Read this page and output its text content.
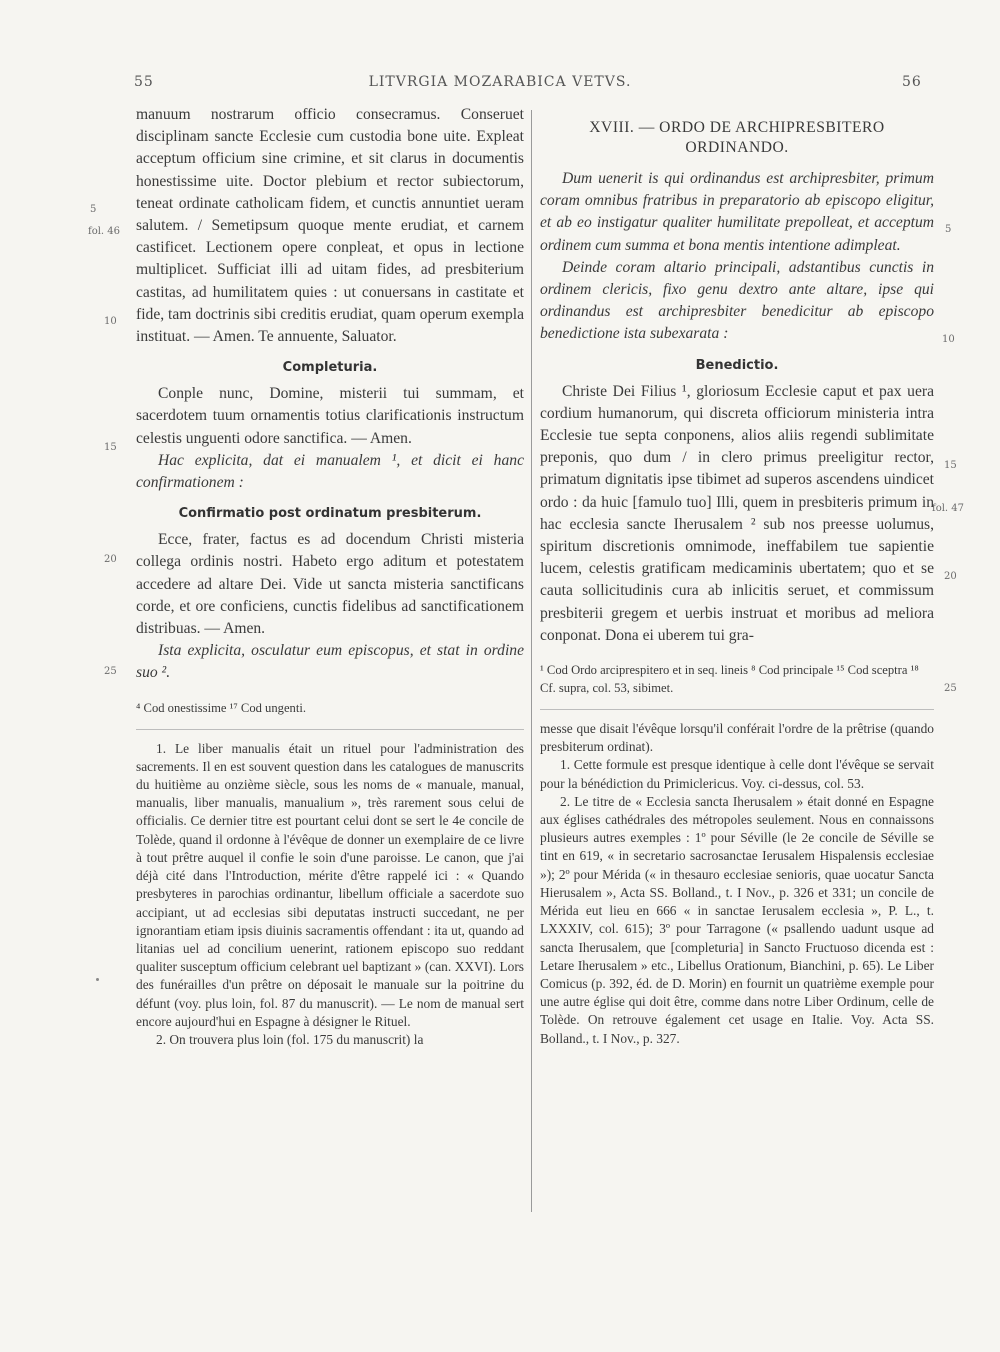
55	LITVRGIA MOZARABICA VETVS.	56
5
fol. 46
10
15
20
25
5
10
15
fol. 47
20
25

manuum nostrarum officio consecramus. Conseruet disciplinam sancte Ecclesie cum custodia bone uite. Expleat acceptum officium sine crimine, et sit clarus in documentis honestissime uite. Doctor plebium et rector subiectorum, teneat ordinate catholicam fidem, et cunctis annuntiet ueram salutem. / Semetipsum quoque mente erudiat, et carnem castificet. Lectionem opere conpleat, et opus in lectione multiplicet. Sufficiat illi ad uitam fides, ad presbiterium castitas, ad humilitatem quies : ut conuersans in castitate et fide, tam doctrinis sibi creditis erudiat, quam operum exempla instituat. — Amen. Te annuente, Saluator.

Completuria.

Conple nunc, Domine, misterii tui summam, et sacerdotem tuum ornamentis totius clarificationis instructum celestis unguenti odore sanctifica. — Amen.

Hac explicita, dat ei manualem ¹, et dicit ei hanc confirmationem :

Confirmatio post ordinatum presbiterum.

Ecce, frater, factus es ad docendum Christi misteria collega ordinis nostri. Habeto ergo aditum et potestatem accedere ad altare Dei. Vide ut sancta misteria sanctificans corde, et ore conficiens, cunctis fidelibus ad sanctificationem distribuas. — Amen.

Ista explicita, osculatur eum episcopus, et stat in ordine suo ².

⁴ Cod onestissime ¹⁷ Cod ungenti.

1. Le liber manualis était un rituel pour l'administration des sacrements. Il en est souvent question dans les catalogues de manuscrits du huitième au onzième siècle, sous les noms de « manuale, manual, manualis, liber manualis, manualium », très rarement sous celui de officialis. Ce dernier titre est pourtant celui dont se sert le 4e concile de Tolède, quand il ordonne à l'évêque de donner un exemplaire de ce livre à tout prêtre auquel il confie le soin d'une paroisse. Le canon, que j'ai déjà cité dans l'Introduction, mérite d'être rappelé ici : « Quando presbyteres in parochias ordinantur, libellum officiale a sacerdote suo accipiant, ut ad ecclesias sibi deputatas instructi succedant, ne per ignorantiam etiam ipsis diuinis sacramentis offendant : ita ut, quando ad litanias uel ad concilium uenerint, rationem episcopo suo reddant qualiter susceptum officium celebrant uel baptizant » (can. XXVI). Lors des funérailles d'un prêtre on déposait le manuale sur la poitrine du défunt (voy. plus loin, fol. 87 du manuscrit). — Le nom de manual sert encore aujourd'hui en Espagne à désigner le Rituel.

2. On trouvera plus loin (fol. 175 du manuscrit) la

XVIII. — ORDO DE ARCHIPRESBITERO ORDINANDO.

Dum uenerit is qui ordinandus est archipresbiter, primum coram omnibus fratribus in preparatorio ab episcopo eligitur, et ab eo instigatur qualiter humilitate prepolleat, et acceptum ordinem cum summa et bona mentis intentione adimpleat.

Deinde coram altario principali, adstantibus cunctis in ordinem clericis, fixo genu dextro ante altare, ipse qui ordinandus est archipresbiter benedicitur ab episcopo benedictione ista subexarata :

Benedictio.

Christe Dei Filius ¹, gloriosum Ecclesie caput et pax uera cordium humanorum, qui discreta officiorum ministeria intra Ecclesie tue septa conponens, alios aliis regendi sublimitate preponis, quo dum / in clero primus preeligitur rector, primatum dignitatis ipse tibimet ad superos ascendens uindicet ordo : da huic [famulo tuo] Illi, quem in presbiteris primum in hac ecclesia sancte Iherusalem ² sub nos preesse uolumus, spiritum discretionis omnimode, ineffabilem tue sapientie lucem, celestis gratificam medicaminis ubertatem; quo et se cauta sollicitudinis cura ab inlicitis seruet, et commissum presbiterii gregem et uerbis instruat et moribus ad meliora conponat. Dona ei uberem tui gra-

¹ Cod Ordo arciprespitero et in seq. lineis ⁸ Cod principale ¹⁵ Cod sceptra ¹⁸ Cf. supra, col. 53, sibimet.

messe que disait l'évêque lorsqu'il conférait l'ordre de la prêtrise (quando presbiterum ordinat).

1. Cette formule est presque identique à celle dont l'évêque se servait pour la bénédiction du Primiclericus. Voy. ci-dessus, col. 53.

2. Le titre de « Ecclesia sancta Iherusalem » était donné en Espagne aux églises cathédrales des métropoles seulement. Nous en connaissons plusieurs autres exemples : 1º pour Séville (le 2e concile de Séville se tint en 619, « in secretario sacrosanctae Ierusalem Hispalensis ecclesiae »); 2º pour Mérida (« in thesauro ecclesiae senioris, quae uocatur Sancta Hierusalem », Acta SS. Bolland., t. I Nov., p. 326 et 331; un concile de Mérida eut lieu en 666 « in sanctae Ierusalem ecclesia », P. L., t. LXXXIV, col. 615); 3º pour Tarragone (« psallendo uadunt usque ad sancta Iherusalem, que [completuria] in Sancto Fructuoso dicenda est : Letare Iherusalem » etc., Libellus Orationum, Bianchini, p. 65). Le Liber Comicus (p. 392, éd. de D. Morin) en fournit un quatrième exemple pour une autre église qui doit être, comme dans notre Liber Ordinum, celle de Tolède. On retrouve également cet usage en Italie. Voy. Acta SS. Bolland., t. I Nov., p. 327.
